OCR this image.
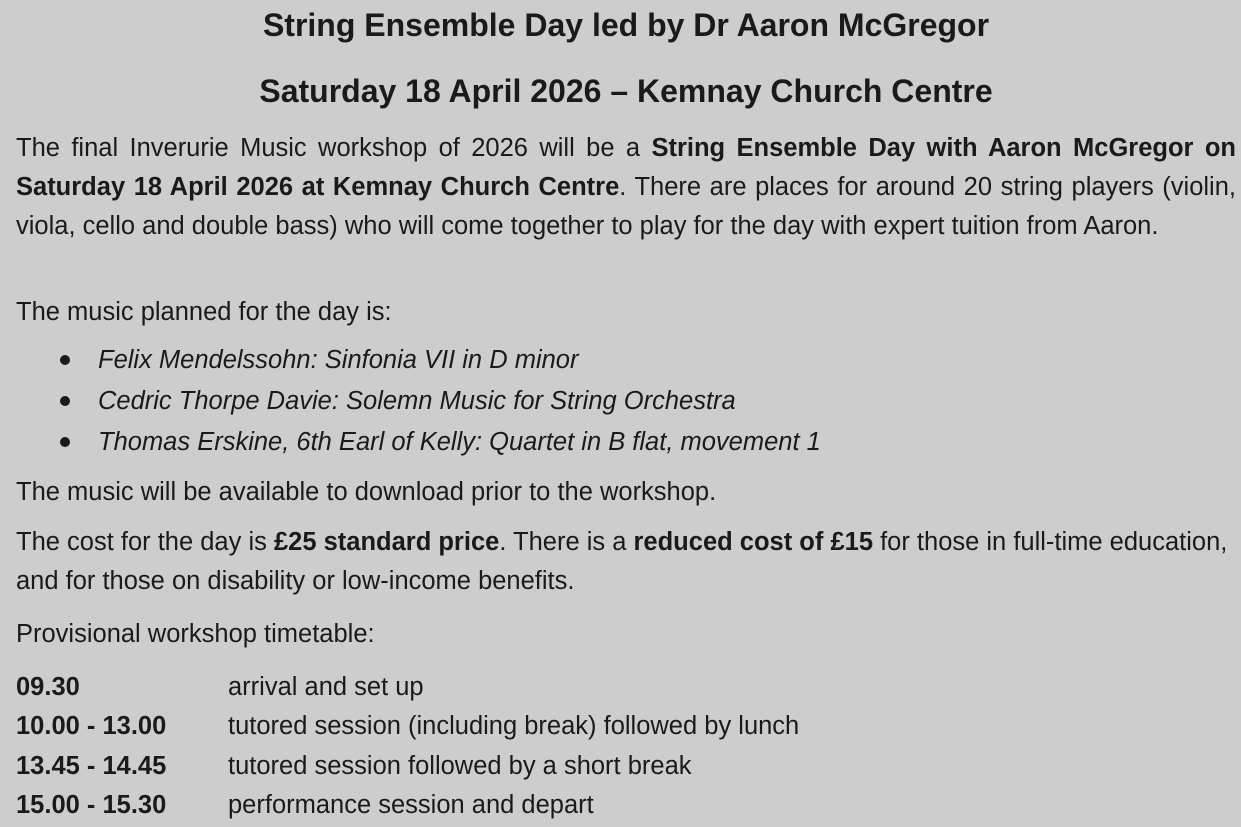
String Ensemble Day led by Dr Aaron McGregor
Saturday 18 April 2026 – Kemnay Church Centre

The final Inverurie Music workshop of 2026 will be a String Ensemble Day with Aaron McGregor on Saturday 18 April 2026 at Kemnay Church Centre. There are places for around 20 string players (violin, viola, cello and double bass) who will come together to play for the day with expert tuition from Aaron.

The music planned for the day is:

Felix Mendelssohn: Sinfonia VII in D minor
Cedric Thorpe Davie: Solemn Music for String Orchestra
Thomas Erskine, 6th Earl of Kelly: Quartet in B flat, movement 1

The music will be available to download prior to the workshop.

The cost for the day is £25 standard price. There is a reduced cost of £15 for those in full-time education, and for those on disability or low-income benefits.

Provisional workshop timetable:

09.30	arrival and set up
10.00 - 13.00 tutored session (including break) followed by lunch
13.45 - 14.45 tutored session followed by a short break
15.00 - 15.30 performance session and depart
